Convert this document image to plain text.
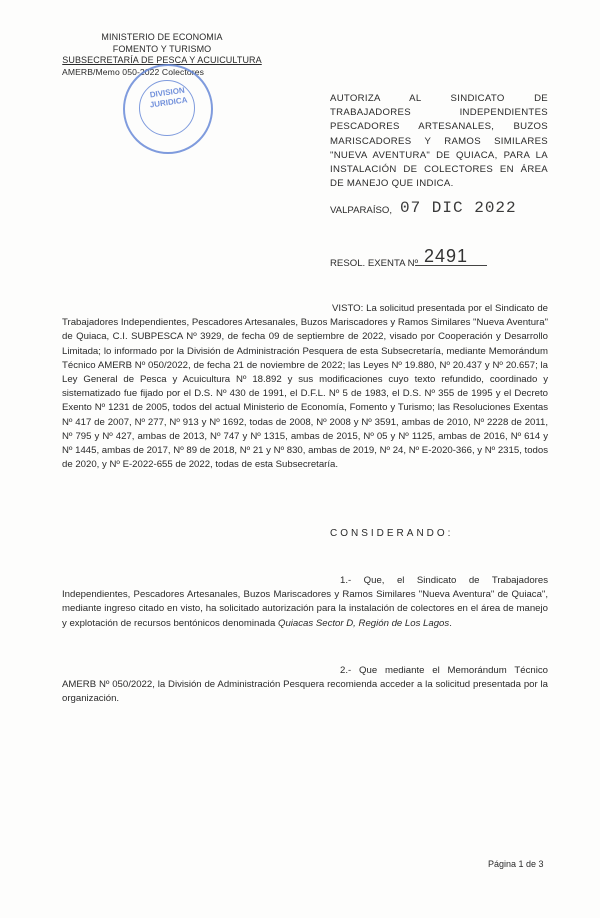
MINISTERIO DE ECONOMIA
FOMENTO Y TURISMO
SUBSECRETARÍA DE PESCA Y ACUICULTURA
AMERB/Memo 050-2022 Colectores
DIVISION
JURIDICA	AUTORIZA AL SINDICATO DE TRABAJADORES INDEPENDIENTES PESCADORES ARTESANALES, BUZOS MARISCADORES Y RAMOS SIMILARES "NUEVA AVENTURA" DE QUIACA, PARA LA INSTALACIÓN DE COLECTORES EN ÁREA DE MANEJO QUE INDICA.
VALPARAÍSO, 07 DIC 2022
RESOL. EXENTA Nº 2491
VISTO: La solicitud presentada por el Sindicato de Trabajadores Independientes, Pescadores Artesanales, Buzos Mariscadores y Ramos Similares "Nueva Aventura" de Quiaca, C.I. SUBPESCA Nº 3929, de fecha 09 de septiembre de 2022, visado por Cooperación y Desarrollo Limitada; lo informado por la División de Administración Pesquera de esta Subsecretaría, mediante Memorándum Técnico AMERB Nº 050/2022, de fecha 21 de noviembre de 2022; las Leyes Nº 19.880, Nº 20.437 y Nº 20.657; la Ley General de Pesca y Acuicultura Nº 18.892 y sus modificaciones cuyo texto refundido, coordinado y sistematizado fue fijado por el D.S. Nº 430 de 1991, el D.F.L. Nº 5 de 1983, el D.S. Nº 355 de 1995 y el Decreto Exento Nº 1231 de 2005, todos del actual Ministerio de Economía, Fomento y Turismo; las Resoluciones Exentas Nº 417 de 2007, Nº 277, Nº 913 y Nº 1692, todas de 2008, Nº 2008 y Nº 3591, ambas de 2010, Nº 2228 de 2011, Nº 795 y Nº 427, ambas de 2013, Nº 747 y Nº 1315, ambas de 2015, Nº 05 y Nº 1125, ambas de 2016, Nº 614 y Nº 1445, ambas de 2017, Nº 89 de 2018, Nº 21 y Nº 830, ambas de 2019, Nº 24, Nº E-2020-366, y Nº 2315, todos de 2020, y Nº E-2022-655 de 2022, todas de esta Subsecretaría.
CONSIDERANDO:
1.- Que, el Sindicato de Trabajadores Independientes, Pescadores Artesanales, Buzos Mariscadores y Ramos Similares "Nueva Aventura" de Quiaca", mediante ingreso citado en visto, ha solicitado autorización para la instalación de colectores en el área de manejo y explotación de recursos bentónicos denominada Quiacas Sector D, Región de Los Lagos.
2.- Que mediante el Memorándum Técnico AMERB Nº 050/2022, la División de Administración Pesquera recomienda acceder a la solicitud presentada por la organización.
Página 1 de 3
